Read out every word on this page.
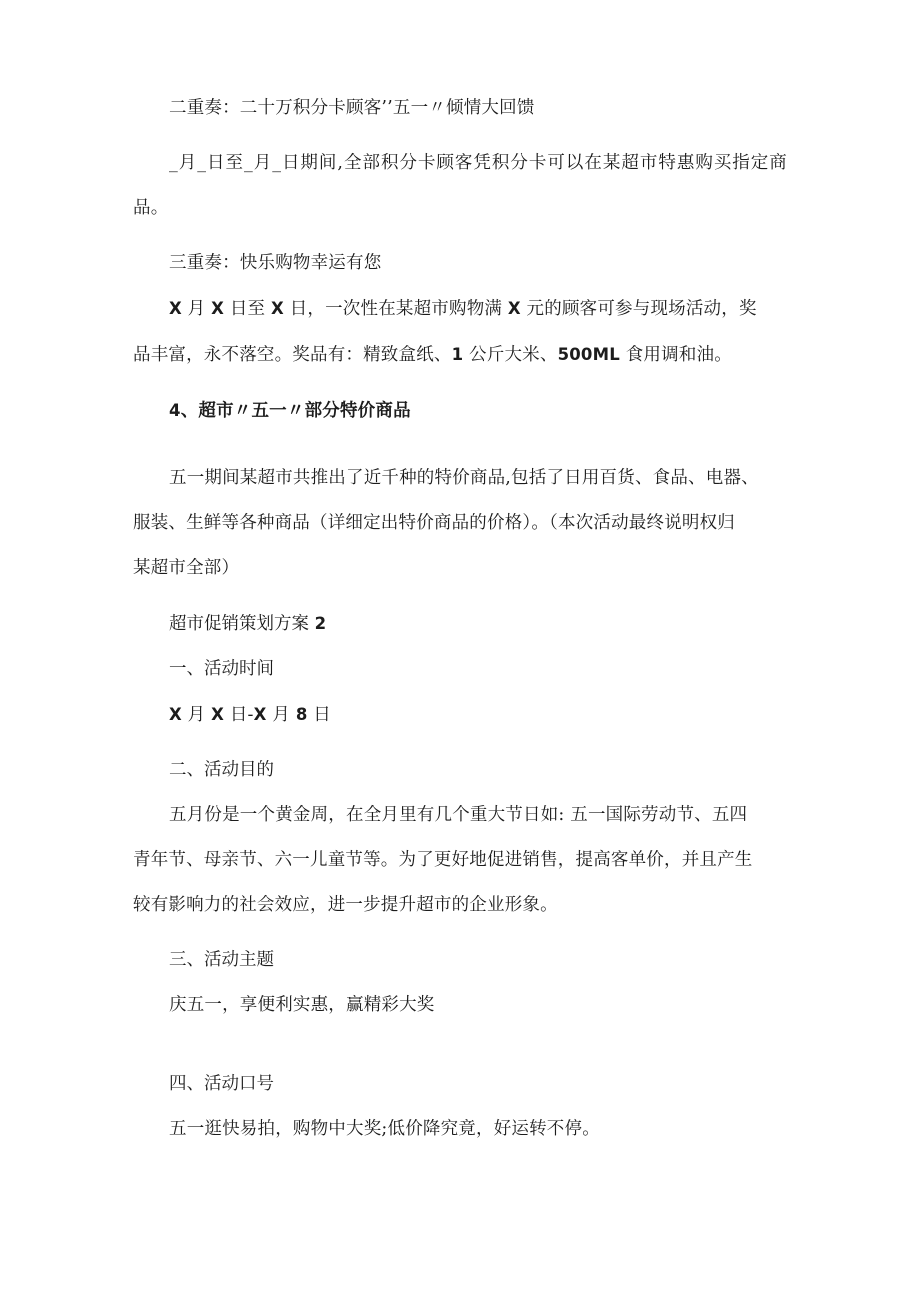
二重奏：二十万积分卡顾客’’五一〃倾情大回馈

_月_日至_月_日期间,全部积分卡顾客凭积分卡可以在某超市特惠购买指定商品。

三重奏：快乐购物幸运有您

X 月 X 日至 X 日，一次性在某超市购物满 X 元的顾客可参与现场活动，奖

品丰富，永不落空。奖品有：精致盒纸、1 公斤大米、500ML 食用调和油。

4、超市〃五一〃部分特价商品

五一期间某超市共推出了近千种的特价商品,包括了日用百货、食品、电器、

服装、生鲜等各种商品（详细定出特价商品的价格）。（本次活动最终说明权归

某超市全部）

超市促销策划方案 2

一、活动时间

X 月 X 日-X 月 8 日

二、活动目的

五月份是一个黄金周，在全月里有几个重大节日如: 五一国际劳动节、五四

青年节、母亲节、六一儿童节等。为了更好地促进销售，提高客单价，并且产生

较有影响力的社会效应，进一步提升超市的企业形象。

三、活动主题

庆五一，享便利实惠，赢精彩大奖

四、活动口号

五一逛快易拍，购物中大奖;低价降究竟，好运转不停。
